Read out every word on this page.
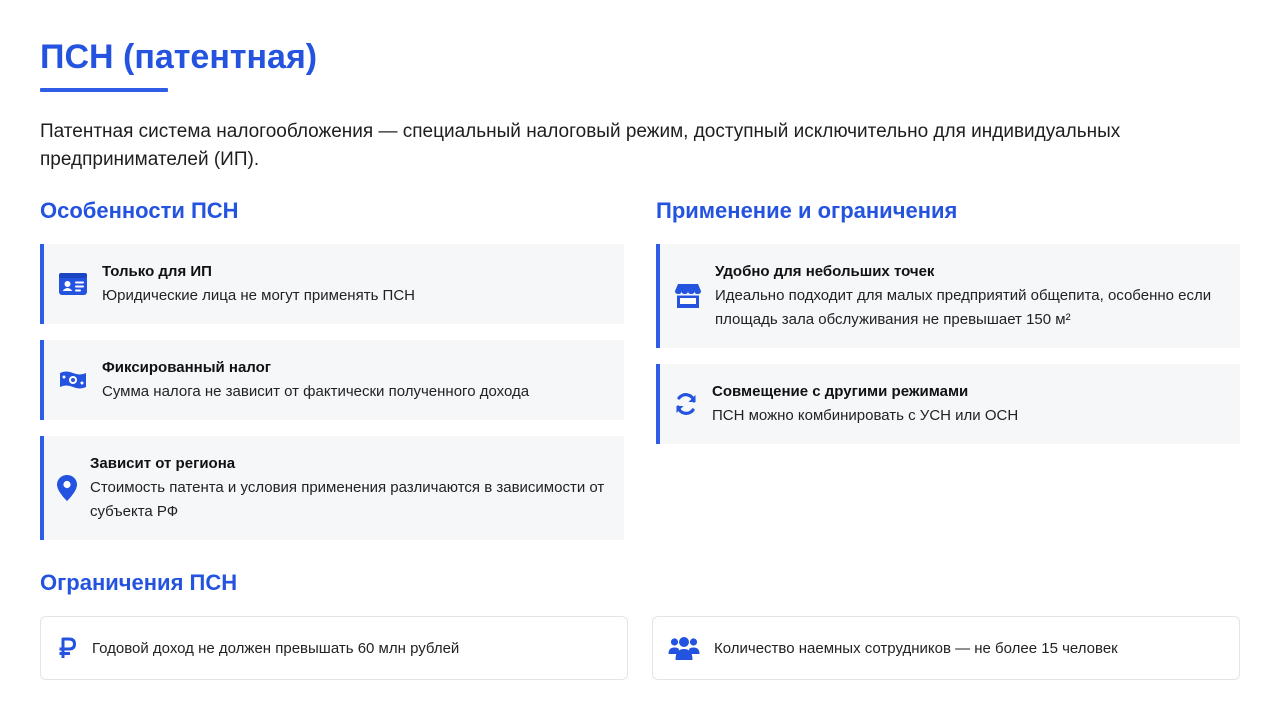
ПСН (патентная)
Патентная система налогообложения — специальный налоговый режим, доступный исключительно для индивидуальных предпринимателей (ИП).
Особенности ПСН
Только для ИП
Юридические лица не могут применять ПСН
Фиксированный налог
Сумма налога не зависит от фактически полученного дохода
Зависит от региона
Стоимость патента и условия применения различаются в зависимости от субъекта РФ
Применение и ограничения
Удобно для небольших точек
Идеально подходит для малых предприятий общепита, особенно если площадь зала обслуживания не превышает 150 м²
Совмещение с другими режимами
ПСН можно комбинировать с УСН или ОСН
Ограничения ПСН
Годовой доход не должен превышать 60 млн рублей	Количество наемных сотрудников — не более 15 человек
